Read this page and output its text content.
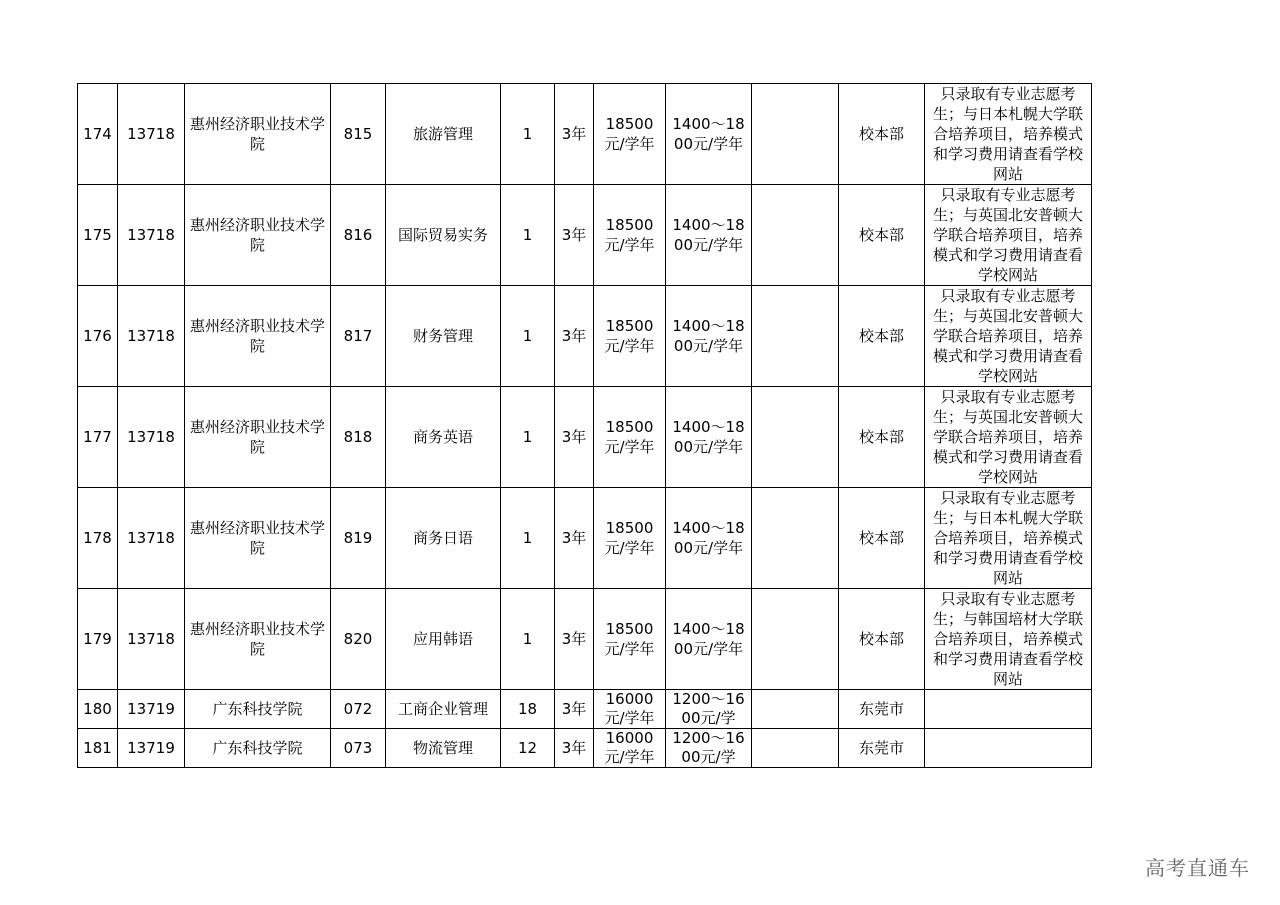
174	13718	惠州经济职业技术学院	815	旅游管理	1	3年	18500元/学年	1400～1800元/学年		校本部	只录取有专业志愿考生；与日本札幌大学联合培养项目，培养模式和学习费用请查看学校网站
175	13718	惠州经济职业技术学院	816	国际贸易实务	1	3年	18500元/学年	1400～1800元/学年		校本部	只录取有专业志愿考生；与英国北安普顿大学联合培养项目，培养模式和学习费用请查看学校网站
176	13718	惠州经济职业技术学院	817	财务管理	1	3年	18500元/学年	1400～1800元/学年		校本部	只录取有专业志愿考生；与英国北安普顿大学联合培养项目，培养模式和学习费用请查看学校网站
177	13718	惠州经济职业技术学院	818	商务英语	1	3年	18500元/学年	1400～1800元/学年		校本部	只录取有专业志愿考生；与英国北安普顿大学联合培养项目，培养模式和学习费用请查看学校网站
178	13718	惠州经济职业技术学院	819	商务日语	1	3年	18500元/学年	1400～1800元/学年		校本部	只录取有专业志愿考生；与日本札幌大学联合培养项目，培养模式和学习费用请查看学校网站
179	13718	惠州经济职业技术学院	820	应用韩语	1	3年	18500元/学年	1400～1800元/学年		校本部	只录取有专业志愿考生；与韩国培材大学联合培养项目，培养模式和学习费用请查看学校网站
180	13719	广东科技学院	072	工商企业管理	18	3年	16000元/学年	1200～1600元/学		东莞市	
181	13719	广东科技学院	073	物流管理	12	3年	16000元/学年	1200～1600元/学		东莞市	
高考直通车
